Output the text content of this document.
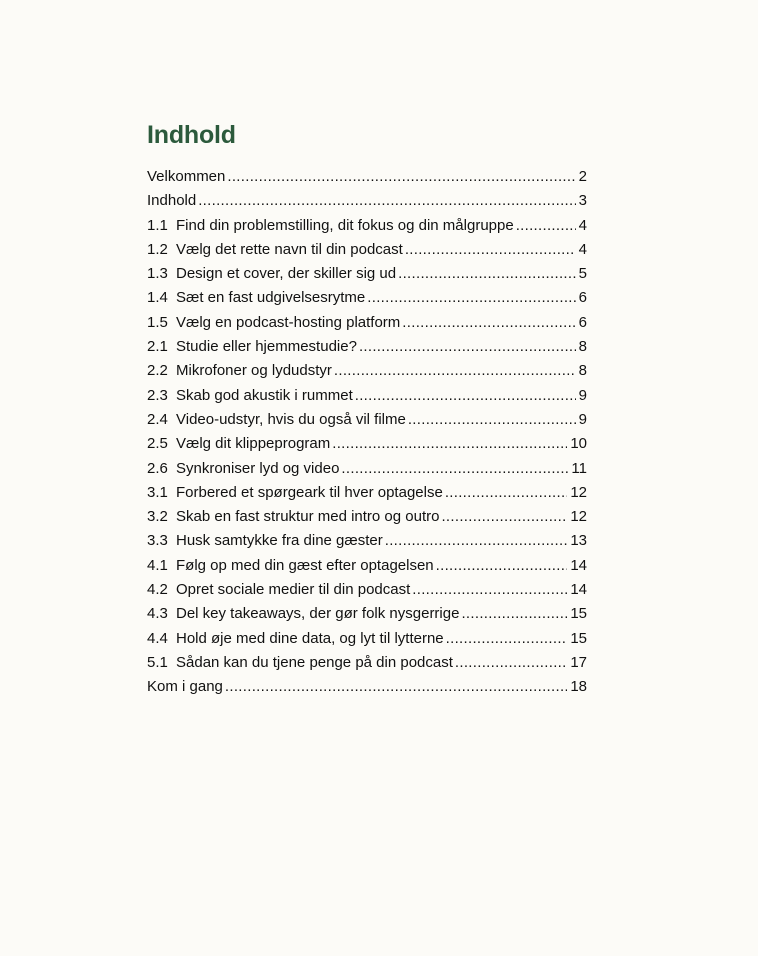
Indhold
Velkommen .....	2
Indhold .....	3
1.1 Find din problemstilling, dit fokus og din målgruppe .....	4
1.2 Vælg det rette navn til din podcast .....	4
1.3 Design et cover, der skiller sig ud .....	5
1.4 Sæt en fast udgivelsesrytme .....	6
1.5 Vælg en podcast-hosting platform .....	6
2.1 Studie eller hjemmestudie? .....	8
2.2 Mikrofoner og lydudstyr .....	8
2.3 Skab god akustik i rummet .....	9
2.4 Video-udstyr, hvis du også vil filme .....	9
2.5 Vælg dit klippeprogram .....	10
2.6 Synkroniser lyd og video .....	11
3.1 Forbered et spørgeark til hver optagelse .....	12
3.2 Skab en fast struktur med intro og outro .....	12
3.3 Husk samtykke fra dine gæster .....	13
4.1 Følg op med din gæst efter optagelsen .....	14
4.2 Opret sociale medier til din podcast .....	14
4.3 Del key takeaways, der gør folk nysgerrige .....	15
4.4 Hold øje med dine data, og lyt til lytterne .....	15
5.1 Sådan kan du tjene penge på din podcast .....	17
Kom i gang .....	18
